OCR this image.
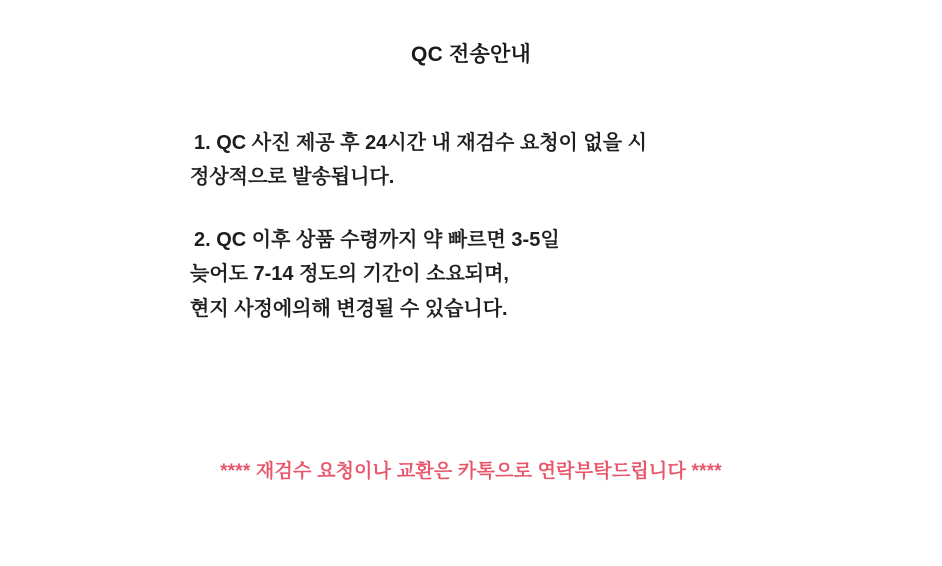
QC 전송안내
1. QC 사진 제공 후 24시간 내 재검수 요청이 없을 시
정상적으로 발송됩니다.
2. QC 이후 상품 수령까지 약 빠르면 3-5일
늦어도 7-14 정도의 기간이 소요되며,
현지 사정에의해 변경될 수 있습니다.
**** 재검수 요청이나 교환은 카톡으로 연락부탁드립니다 ****
